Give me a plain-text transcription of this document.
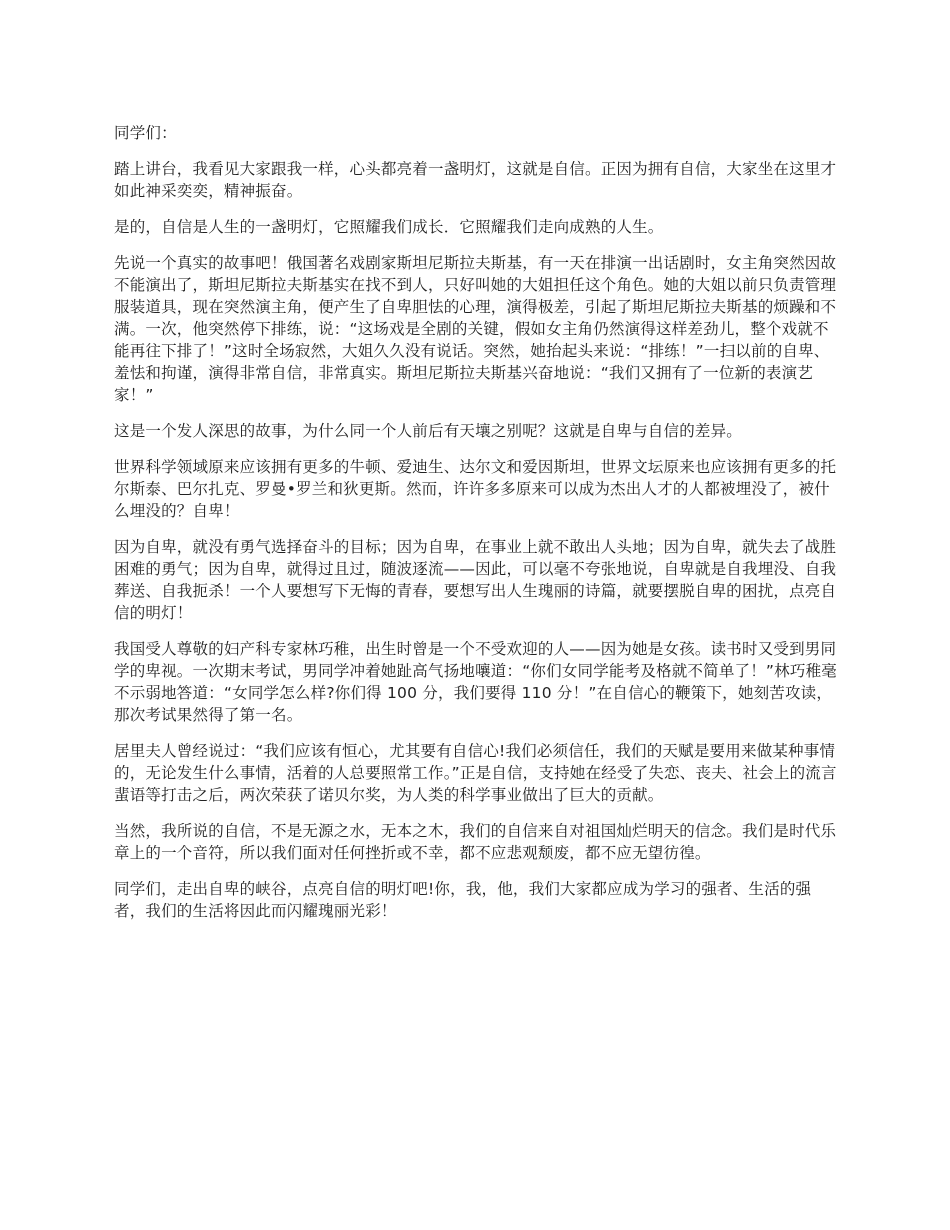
同学们：

踏上讲台，我看见大家跟我一样，心头都亮着一盏明灯，这就是自信。正因为拥有自信，大家坐在这里才如此神采奕奕，精神振奋。

是的，自信是人生的一盏明灯，它照耀我们成长．它照耀我们走向成熟的人生。

先说一个真实的故事吧！俄国著名戏剧家斯坦尼斯拉夫斯基，有一天在排演一出话剧时，女主角突然因故不能演出了，斯坦尼斯拉夫斯基实在找不到人，只好叫她的大姐担任这个角色。她的大姐以前只负责管理服装道具，现在突然演主角，便产生了自卑胆怯的心理，演得极差，引起了斯坦尼斯拉夫斯基的烦躁和不满。一次，他突然停下排练，说：“这场戏是全剧的关键，假如女主角仍然演得这样差劲儿，整个戏就不能再往下排了！”这时全场寂然，大姐久久没有说话。突然，她抬起头来说：“排练！”一扫以前的自卑、羞怯和拘谨，演得非常自信，非常真实。斯坦尼斯拉夫斯基兴奋地说：“我们又拥有了一位新的表演艺家！”

这是一个发人深思的故事，为什么同一个人前后有天壤之别呢？这就是自卑与自信的差异。

世界科学领域原来应该拥有更多的牛顿、爱迪生、达尔文和爱因斯坦，世界文坛原来也应该拥有更多的托尔斯泰、巴尔扎克、罗曼•罗兰和狄更斯。然而，许许多多原来可以成为杰出人才的人都被埋没了，被什么埋没的？自卑！

因为自卑，就没有勇气选择奋斗的目标；因为自卑，在事业上就不敢出人头地；因为自卑，就失去了战胜困难的勇气；因为自卑，就得过且过，随波逐流——因此，可以毫不夸张地说，自卑就是自我埋没、自我葬送、自我扼杀！一个人要想写下无悔的青春，要想写出人生瑰丽的诗篇，就要摆脱自卑的困扰，点亮自信的明灯！

我国受人尊敬的妇产科专家林巧稚，出生时曾是一个不受欢迎的人——因为她是女孩。读书时又受到男同学的卑视。一次期末考试，男同学冲着她趾高气扬地嚷道：“你们女同学能考及格就不简单了！”林巧稚毫不示弱地答道：“女同学怎么样?你们得 100 分，我们要得 110 分！”在自信心的鞭策下，她刻苦攻读，那次考试果然得了第一名。

居里夫人曾经说过：“我们应该有恒心，尤其要有自信心!我们必须信任，我们的天赋是要用来做某种事情的，无论发生什么事情，活着的人总要照常工作。”正是自信，支持她在经受了失恋、丧夫、社会上的流言蜚语等打击之后，两次荣获了诺贝尔奖，为人类的科学事业做出了巨大的贡献。

当然，我所说的自信，不是无源之水，无本之木，我们的自信来自对祖国灿烂明天的信念。我们是时代乐章上的一个音符，所以我们面对任何挫折或不幸，都不应悲观颓废，都不应无望彷徨。

同学们，走出自卑的峡谷，点亮自信的明灯吧!你，我，他，我们大家都应成为学习的强者、生活的强者，我们的生活将因此而闪耀瑰丽光彩！
